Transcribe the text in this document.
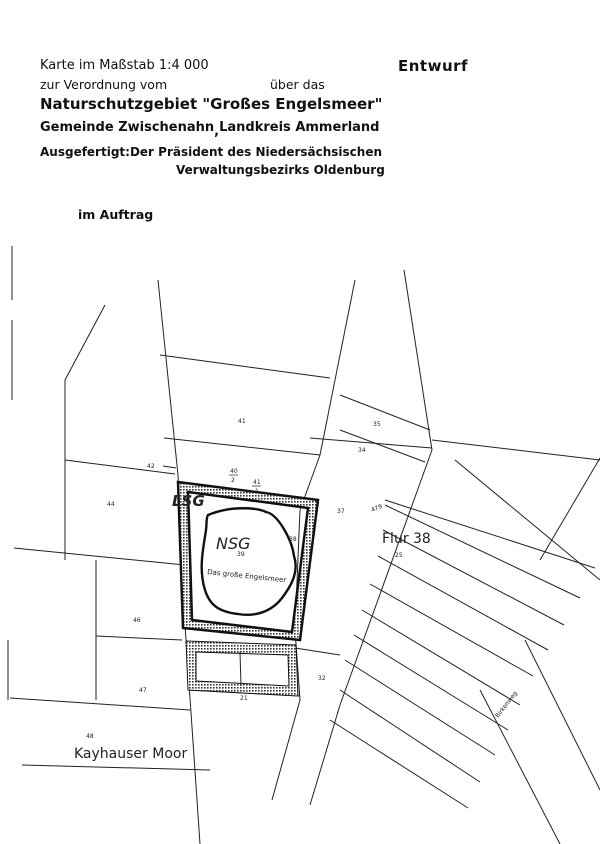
Karte im Maßstab 1:4 000	Entwurf
zur Verordnung vom	über das
Naturschutzgebiet "Großes Engelsmeer"
Gemeinde Zwischenahn,Landkreis Ammerland
Ausgefertigt:Der Präsident des Niedersächsischen
Verwaltungsbezirks Oldenburg
im Auftrag
LSG
NSG
Das große Engelsmeer
Flur 38
Kayhauser Moor
Birkenweg
41
42
40
2	41
1
44
35
34
479
37
38
39	25
46
47
48
32
21
